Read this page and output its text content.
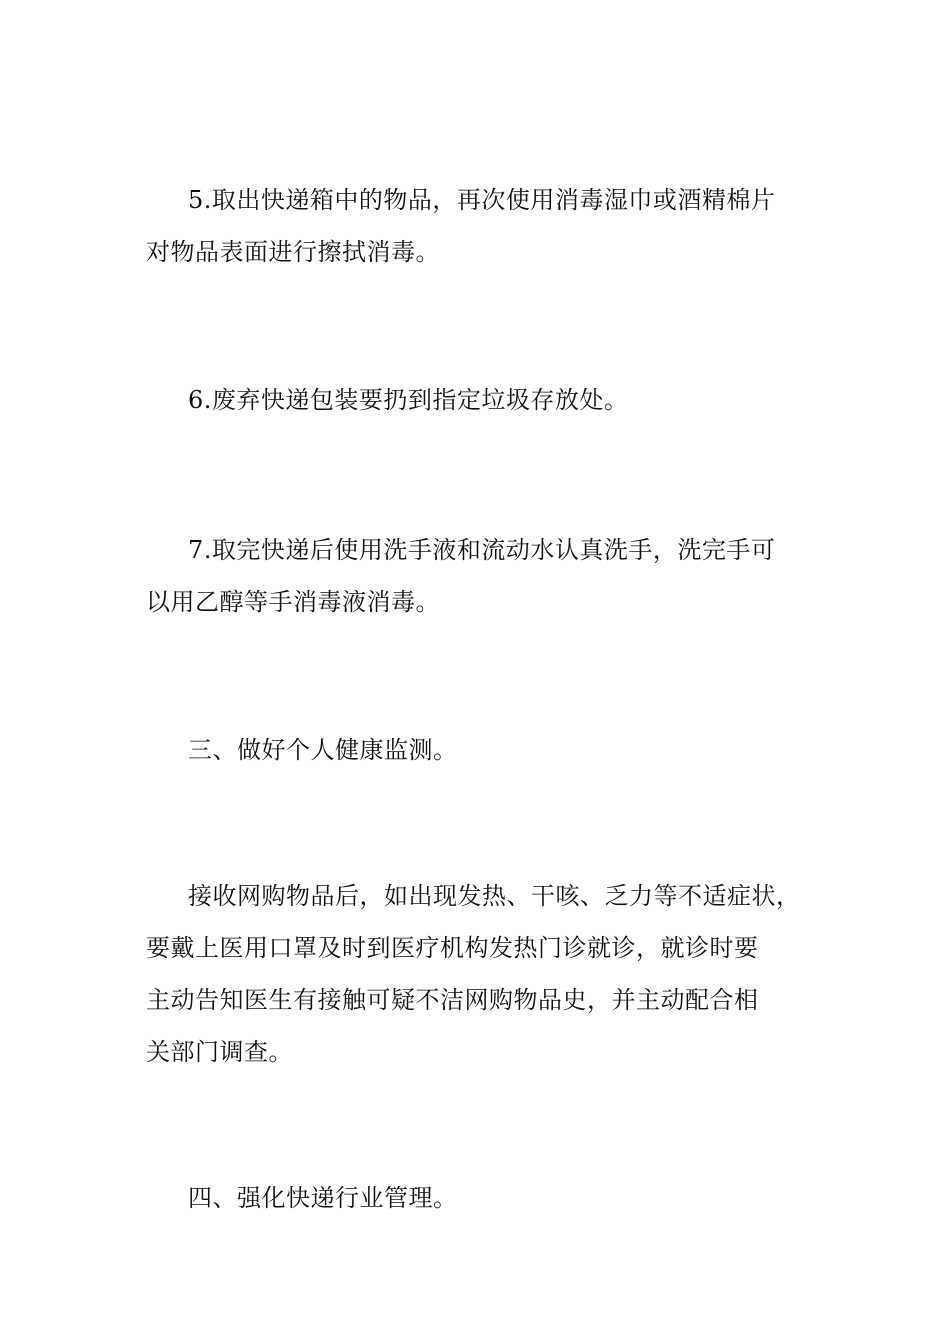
5.取出快递箱中的物品，再次使用消毒湿巾或酒精棉片
对物品表面进行擦拭消毒。
6.废弃快递包装要扔到指定垃圾存放处。
7.取完快递后使用洗手液和流动水认真洗手，洗完手可
以用乙醇等手消毒液消毒。
三、做好个人健康监测。
接收网购物品后，如出现发热、干咳、乏力等不适症状，
要戴上医用口罩及时到医疗机构发热门诊就诊，就诊时要
主动告知医生有接触可疑不洁网购物品史，并主动配合相
关部门调查。
四、强化快递行业管理。
